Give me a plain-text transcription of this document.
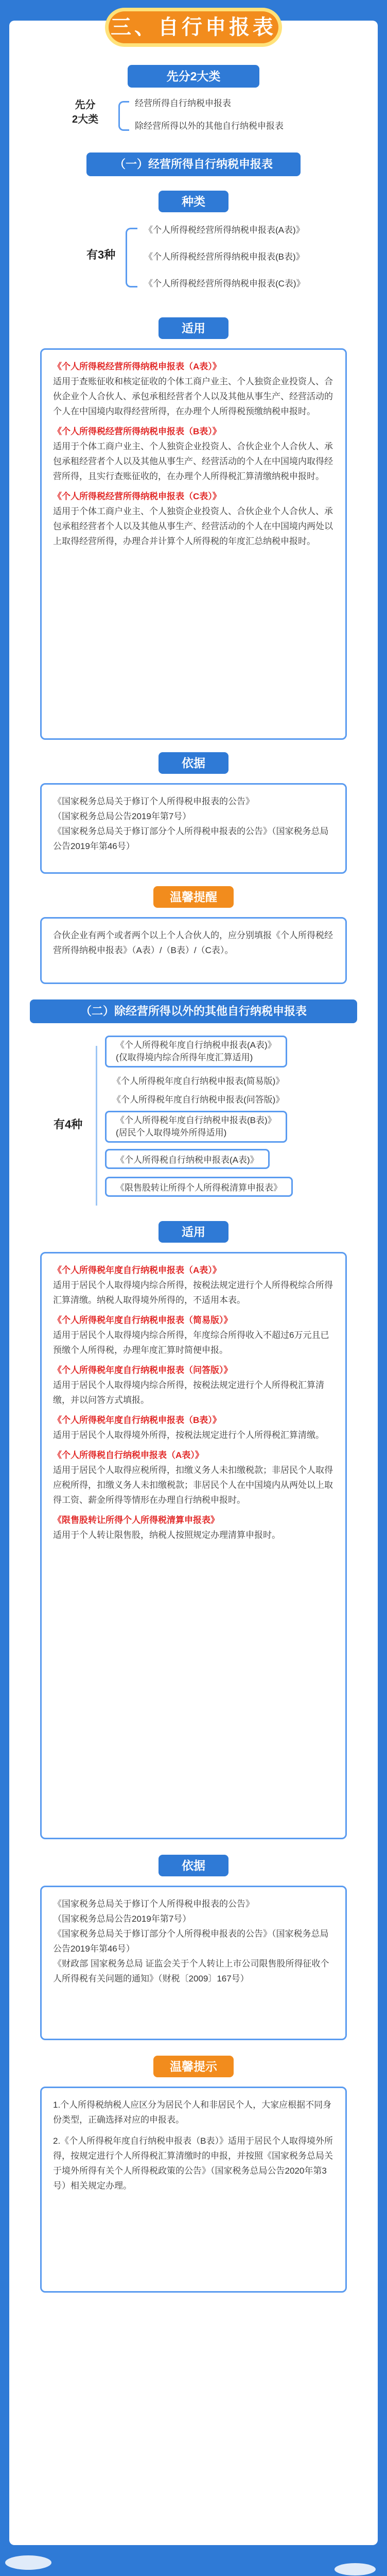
三、自行申报表
先分2大类
先分
2大类
经营所得自行纳税申报表
除经营所得以外的其他自行纳税申报表
（一）经营所得自行纳税申报表
种类
有3种
《个人所得税经营所得纳税申报表(A表)》
《个人所得税经营所得纳税申报表(B表)》
《个人所得税经营所得纳税申报表(C表)》
适用

《个人所得税经营所得纳税申报表（A表）》

适用于查账征收和核定征收的个体工商户业主、个人独资企业投资人、合伙企业个人合伙人、承包承租经营者个人以及其他从事生产、经营活动的个人在中国境内取得经营所得，在办理个人所得税预缴纳税申报时。

《个人所得税经营所得纳税申报表（B表）》

适用于个体工商户业主、个人独资企业投资人、合伙企业个人合伙人、承包承租经营者个人以及其他从事生产、经营活动的个人在中国境内取得经营所得，且实行查账征收的，在办理个人所得税汇算清缴纳税申报时。

《个人所得税经营所得纳税申报表（C表）》

适用于个体工商户业主、个人独资企业投资人、合伙企业个人合伙人、承包承租经营者个人以及其他从事生产、经营活动的个人在中国境内两处以上取得经营所得，办理合并计算个人所得税的年度汇总纳税申报时。

依据

《国家税务总局关于修订个人所得税申报表的公告》

（国家税务总局公告2019年第7号）

《国家税务总局关于修订部分个人所得税申报表的公告》（国家税务总局公告2019年第46号）

温馨提醒

合伙企业有两个或者两个以上个人合伙人的，应分别填报《个人所得税经营所得纳税申报表》（A表）/（B表）/（C表）。

（二）除经营所得以外的其他自行纳税申报表
有4种
《个人所得税年度自行纳税申报表(A表)》
(仅取得境内综合所得年度汇算适用)
《个人所得税年度自行纳税申报表(简易版)》
《个人所得税年度自行纳税申报表(问答版)》
《个人所得税年度自行纳税申报表(B表)》
(居民个人取得境外所得适用)
《个人所得税自行纳税申报表(A表)》
《限售股转让所得个人所得税清算申报表》
适用

《个人所得税年度自行纳税申报表（A表）》

适用于居民个人取得境内综合所得，按税法规定进行个人所得税综合所得汇算清缴。纳税人取得境外所得的，不适用本表。

《个人所得税年度自行纳税申报表（简易版）》

适用于居民个人取得境内综合所得，年度综合所得收入不超过6万元且已预缴个人所得税，办理年度汇算时简便申报。

《个人所得税年度自行纳税申报表（问答版）》

适用于居民个人取得境内综合所得，按税法规定进行个人所得税汇算清缴，并以问答方式填报。

《个人所得税年度自行纳税申报表（B表）》

适用于居民个人取得境外所得，按税法规定进行个人所得税汇算清缴。

《个人所得税自行纳税申报表（A表）》

适用于居民个人取得应税所得，扣缴义务人未扣缴税款；非居民个人取得应税所得，扣缴义务人未扣缴税款；非居民个人在中国境内从两处以上取得工资、薪金所得等情形在办理自行纳税申报时。

《限售股转让所得个人所得税清算申报表》

适用于个人转让限售股，纳税人按照规定办理清算申报时。

依据

《国家税务总局关于修订个人所得税申报表的公告》

（国家税务总局公告2019年第7号）

《国家税务总局关于修订部分个人所得税申报表的公告》（国家税务总局公告2019年第46号）

《财政部 国家税务总局 证监会关于个人转让上市公司限售股所得征收个人所得税有关问题的通知》（财税〔2009〕167号）

温馨提示

1.个人所得税纳税人应区分为居民个人和非居民个人，大家应根据不同身份类型，正确选择对应的申报表。

2.《个人所得税年度自行纳税申报表（B表）》适用于居民个人取得境外所得，按规定进行个人所得税汇算清缴时的申报，并按照《国家税务总局关于境外所得有关个人所得税政策的公告》（国家税务总局公告2020年第3号）相关规定办理。
